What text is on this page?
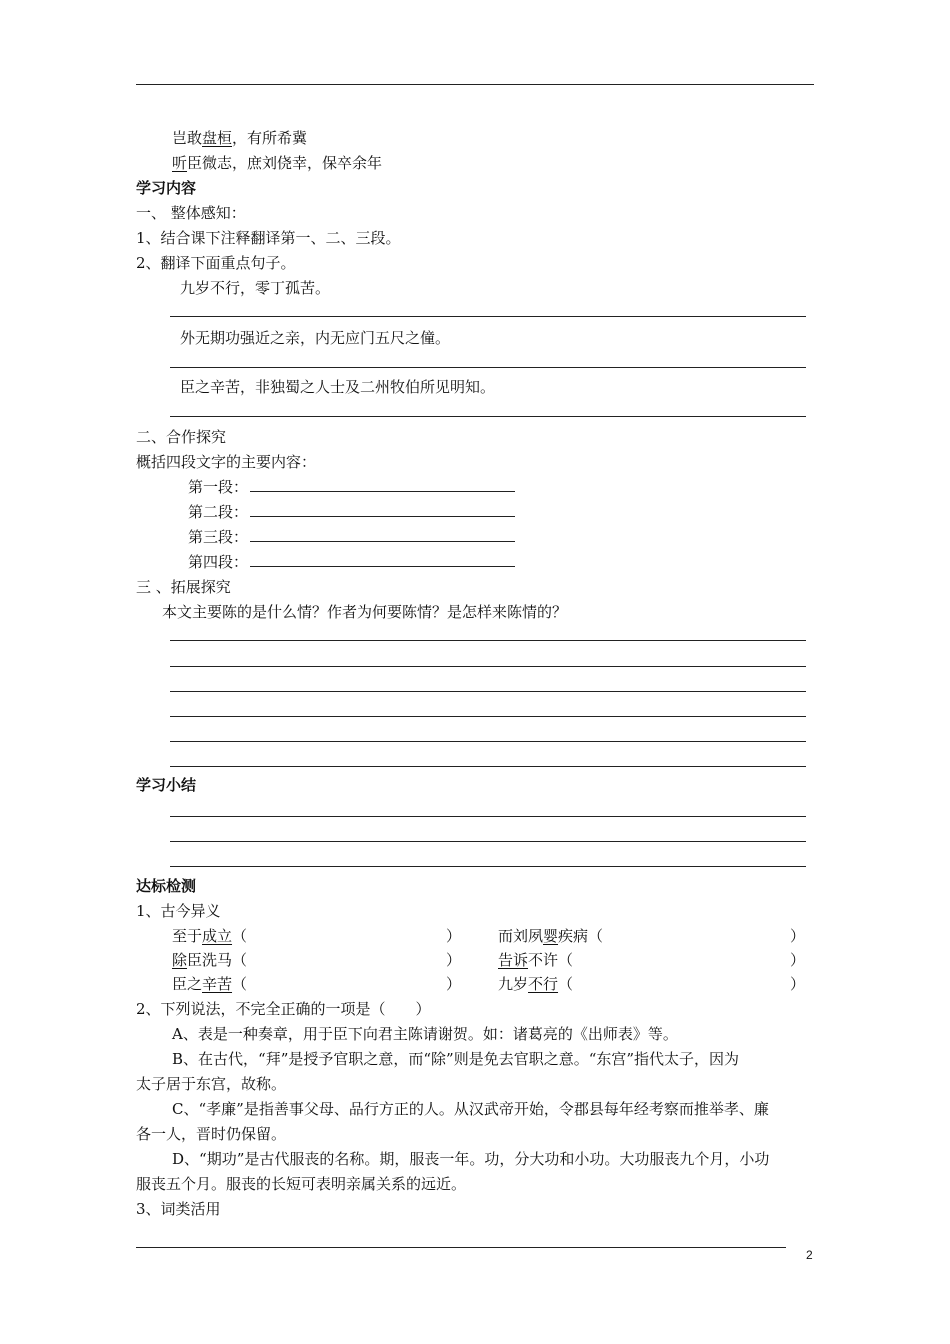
岂敢盘桓，有所希冀
听臣微志，庶刘侥幸，保卒余年
学习内容
一、 整体感知：
1、结合课下注释翻译第一、二、三段。
2、翻译下面重点句子。
九岁不行，零丁孤苦。
外无期功强近之亲，内无应门五尺之僮。
臣之辛苦，非独蜀之人士及二州牧伯所见明知。
二、合作探究
概括四段文字的主要内容：
第一段：
第二段：
第三段：
第四段：
三 、拓展探究
本文主要陈的是什么情？作者为何要陈情？是怎样来陈情的？
学习小结
达标检测
1、古今异义
至于成立（	） 而刘夙婴疾病（	）
除臣洗马（	） 告诉不许（	）
臣之辛苦（	） 九岁不行（	）
2、下列说法，不完全正确的一项是（　　）
A、表是一种奏章，用于臣下向君主陈请谢贺。如：诸葛亮的《出师表》等。
B、在古代，“拜”是授予官职之意，而“除”则是免去官职之意。“东宫”指代太子，因为
太子居于东宫，故称。
C、“孝廉”是指善事父母、品行方正的人。从汉武帝开始，令郡县每年经考察而推举孝、廉
各一人，晋时仍保留。
D、“期功”是古代服丧的名称。期，服丧一年。功，分大功和小功。大功服丧九个月，小功
服丧五个月。服丧的长短可表明亲属关系的远近。
3、词类活用
2
